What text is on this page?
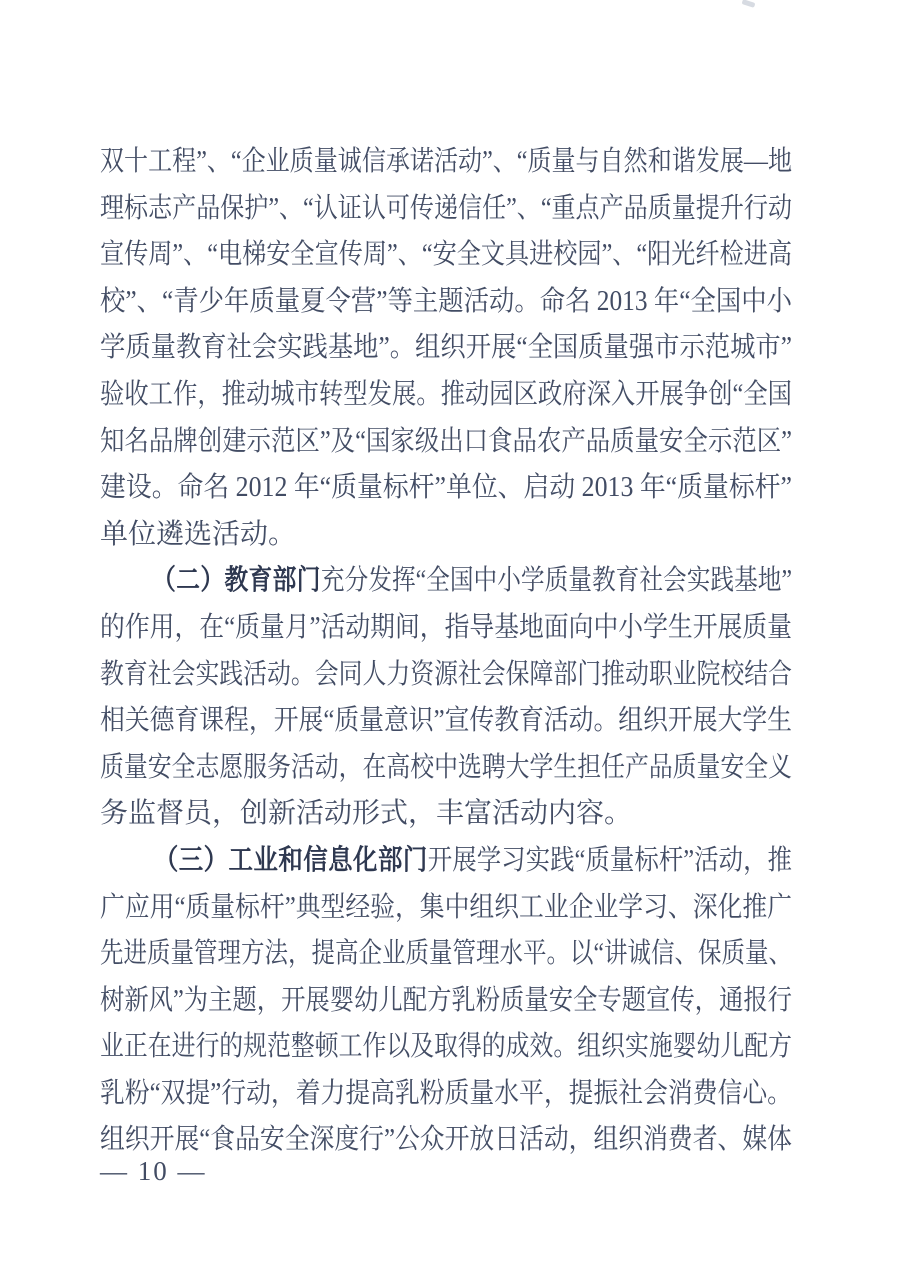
双十工程”、“企业质量诚信承诺活动”、“质量与自然和谐发展—地
理标志产品保护”、“认证认可传递信任”、“重点产品质量提升行动
宣传周”、“电梯安全宣传周”、“安全文具进校园”、“阳光纤检进高
校”、“青少年质量夏令营”等主题活动。命名 2013 年“全国中小
学质量教育社会实践基地”。组织开展“全国质量强市示范城市”
验收工作，推动城市转型发展。推动园区政府深入开展争创“全国
知名品牌创建示范区”及“国家级出口食品农产品质量安全示范区”
建设。命名 2012 年“质量标杆”单位、启动 2013 年“质量标杆”
单位遴选活动。
（二）教育部门充分发挥“全国中小学质量教育社会实践基地”
的作用，在“质量月”活动期间，指导基地面向中小学生开展质量
教育社会实践活动。会同人力资源社会保障部门推动职业院校结合
相关德育课程，开展“质量意识”宣传教育活动。组织开展大学生
质量安全志愿服务活动，在高校中选聘大学生担任产品质量安全义
务监督员，创新活动形式，丰富活动内容。
（三）工业和信息化部门开展学习实践“质量标杆”活动，推
广应用“质量标杆”典型经验，集中组织工业企业学习、深化推广
先进质量管理方法，提高企业质量管理水平。以“讲诚信、保质量、
树新风”为主题，开展婴幼儿配方乳粉质量安全专题宣传，通报行
业正在进行的规范整顿工作以及取得的成效。组织实施婴幼儿配方
乳粉“双提”行动，着力提高乳粉质量水平，提振社会消费信心。
组织开展“食品安全深度行”公众开放日活动，组织消费者、媒体
— 10 —
